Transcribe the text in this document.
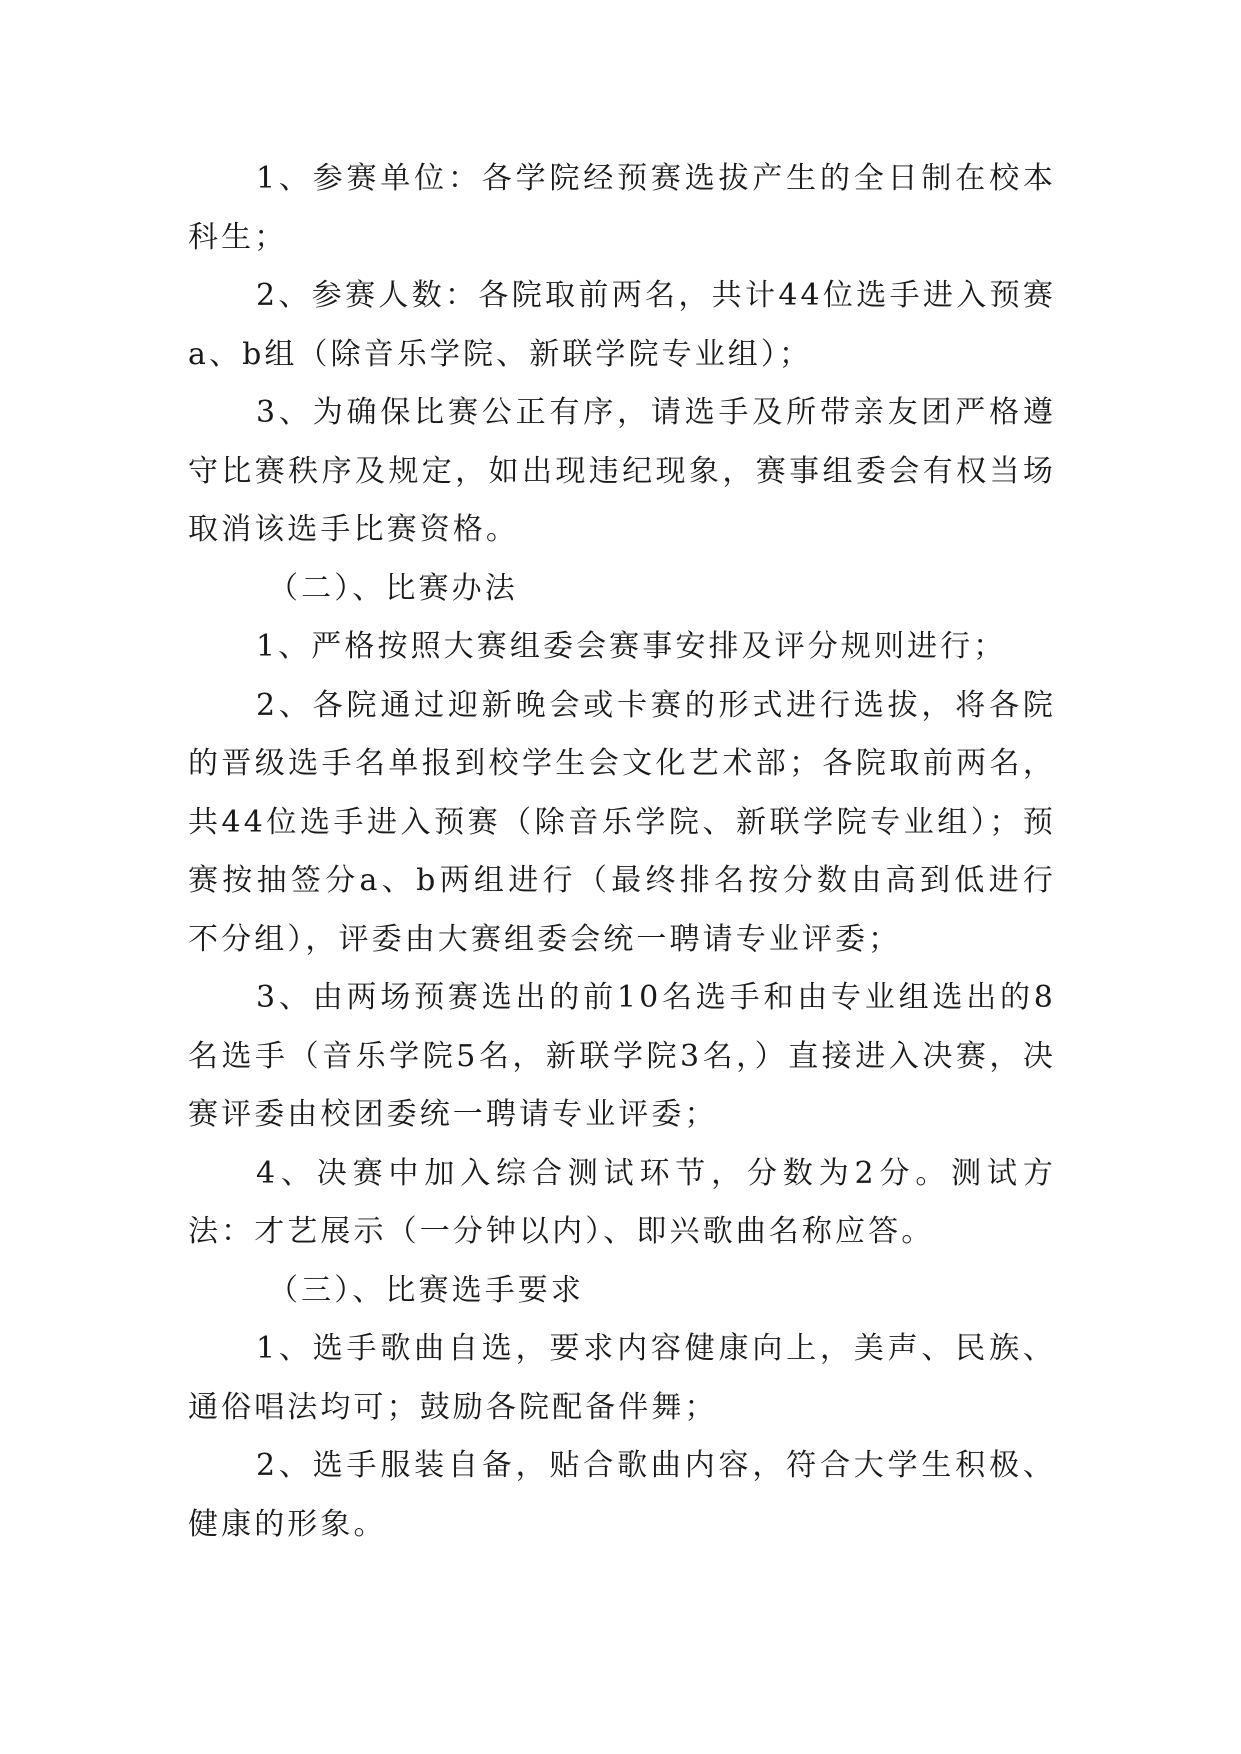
1、参赛单位：各学院经预赛选拔产生的全日制在校本科生；

2、参赛人数：各院取前两名，共计44位选手进入预赛a、b组（除音乐学院、新联学院专业组）；

3、为确保比赛公正有序，请选手及所带亲友团严格遵守比赛秩序及规定，如出现违纪现象，赛事组委会有权当场取消该选手比赛资格。

（二）、比赛办法

1、严格按照大赛组委会赛事安排及评分规则进行；

2、各院通过迎新晚会或卡赛的形式进行选拔，将各院的晋级选手名单报到校学生会文化艺术部；各院取前两名，共44位选手进入预赛（除音乐学院、新联学院专业组）；预赛按抽签分a、b两组进行（最终排名按分数由高到低进行不分组），评委由大赛组委会统一聘请专业评委；

3、由两场预赛选出的前10名选手和由专业组选出的8名选手（音乐学院5名，新联学院3名，）直接进入决赛，决赛评委由校团委统一聘请专业评委；

4、决赛中加入综合测试环节，分数为2分。测试方法：才艺展示（一分钟以内）、即兴歌曲名称应答。

（三）、比赛选手要求

1、选手歌曲自选，要求内容健康向上，美声、民族、通俗唱法均可；鼓励各院配备伴舞；

2、选手服装自备，贴合歌曲内容，符合大学生积极、健康的形象。
